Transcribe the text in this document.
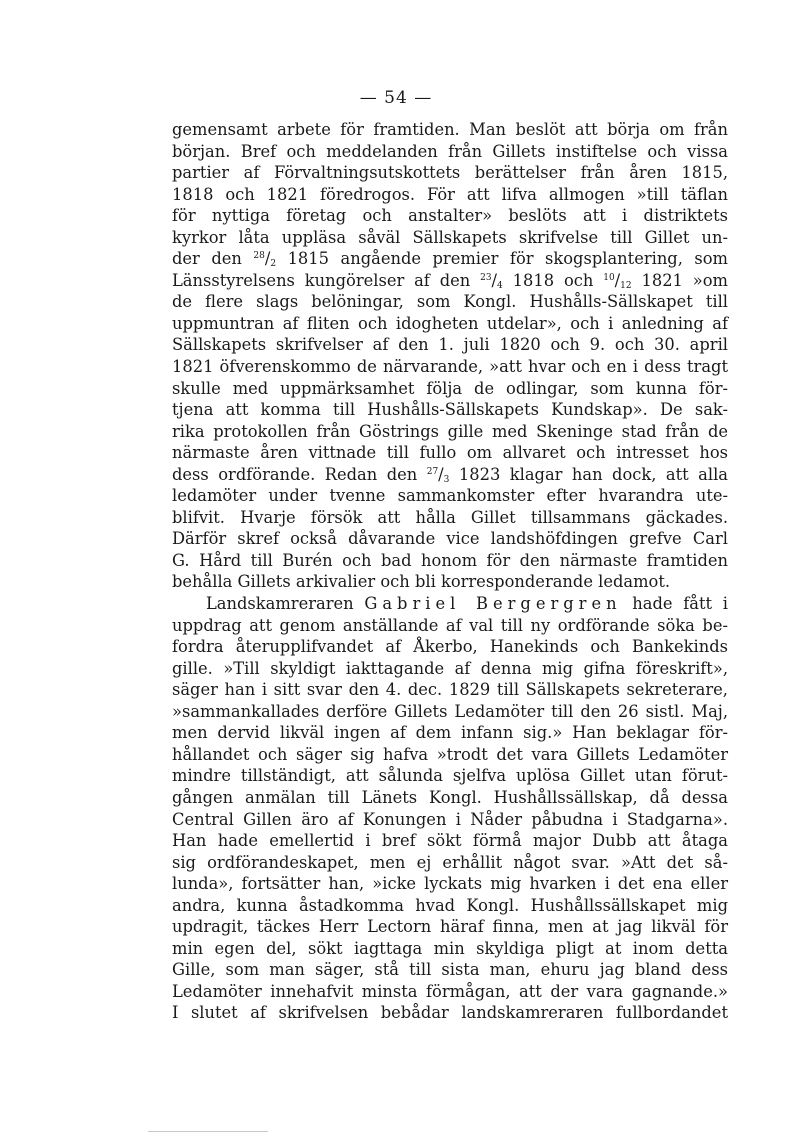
— 54 —
gemensamt arbete för framtiden. Man beslöt att börja om från
början. Bref och meddelanden från Gillets instiftelse och vissa
partier af Förvaltningsutskottets berättelser från åren 1815,
1818 och 1821 föredrogos. För att lifva allmogen »till täflan
för nyttiga företag och anstalter» beslöts att i distriktets
kyrkor låta uppläsa såväl Sällskapets skrifvelse till Gillet un-
der den $^{28}/_2$ 1815 angående premier för skogsplantering, som
Länsstyrelsens kungörelser af den $^{23}/_4$ 1818 och $^{10}/_{12}$ 1821 »om
de flere slags belöningar, som Kongl. Hushålls-Sällskapet till
uppmuntran af fliten och idogheten utdelar», och i anledning af
Sällskapets skrifvelser af den 1. juli 1820 och 9. och 30. april
1821 öfverenskommo de närvarande, »att hvar och en i dess tragt
skulle med uppmärksamhet följa de odlingar, som kunna för-
tjena att komma till Hushålls-Sällskapets Kundskap». De sak-
rika protokollen från Göstrings gille med Skeninge stad från de
närmaste åren vittnade till fullo om allvaret och intresset hos
dess ordförande. Redan den $^{27}/_3$ 1823 klagar han dock, att alla
ledamöter under tvenne sammankomster efter hvarandra ute-
blifvit. Hvarje försök att hålla Gillet tillsammans gäckades.
Därför skref också dåvarande vice landshöfdingen grefve Carl
G. Hård till Burén och bad honom för den närmaste framtiden
behålla Gillets arkivalier och bli korresponderande ledamot.
Landskamreraren Gabriel Bergergren hade fått i
uppdrag att genom anställande af val till ny ordförande söka be-
fordra återupplifvandet af Åkerbo, Hanekinds och Bankekinds
gille. »Till skyldigt iakttagande af denna mig gifna föreskrift»,
säger han i sitt svar den 4. dec. 1829 till Sällskapets sekreterare,
»sammankallades derföre Gillets Ledamöter till den 26 sistl. Maj,
men dervid likväl ingen af dem infann sig.» Han beklagar för-
hållandet och säger sig hafva »trodt det vara Gillets Ledamöter
mindre tillständigt, att sålunda sjelfva uplösa Gillet utan förut-
gången anmälan till Länets Kongl. Hushållssällskap, då dessa
Central Gillen äro af Konungen i Nåder påbudna i Stadgarna».
Han hade emellertid i bref sökt förmå major Dubb att åtaga
sig ordförandeskapet, men ej erhållit något svar. »Att det så-
lunda», fortsätter han, »icke lyckats mig hvarken i det ena eller
andra, kunna åstadkomma hvad Kongl. Hushållssällskapet mig
updragit, täckes Herr Lectorn häraf finna, men at jag likväl för
min egen del, sökt iagttaga min skyldiga pligt at inom detta
Gille, som man säger, stå till sista man, ehuru jag bland dess
Ledamöter innehafvit minsta förmågan, att der vara gagnande.»
I slutet af skrifvelsen bebådar landskamreraren fullbordandet
